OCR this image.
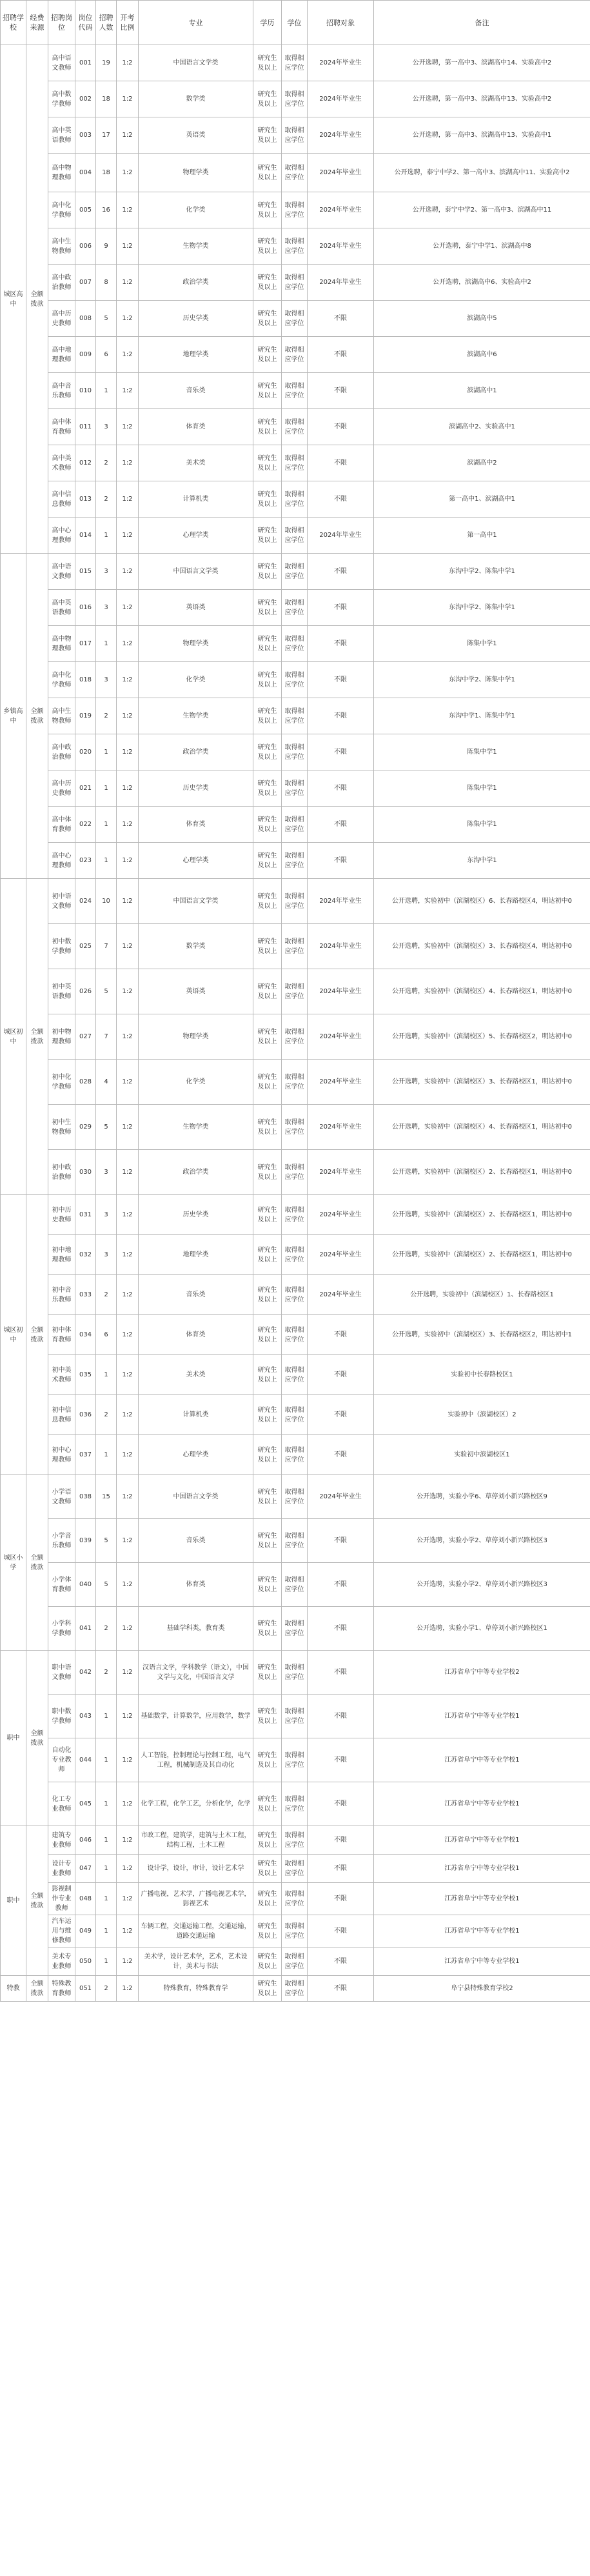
招聘学校	经费来源	招聘岗位	岗位代码	招聘人数	开考比例	专业	学历	学位	招聘对象	备注
城区高中	全额拨款	高中语文教师	001	19	1:2	中国语言文学类	研究生及以上	取得相应学位	2024年毕业生	公开选聘，第一高中3、滨湖高中14、实验高中2
		高中数学教师	002	18	1:2	数学类	研究生及以上	取得相应学位	2024年毕业生	公开选聘，第一高中3、滨湖高中13、实验高中2
		高中英语教师	003	17	1:2	英语类	研究生及以上	取得相应学位	2024年毕业生	公开选聘，第一高中3、滨湖高中13、实验高中1
		高中物理教师	004	18	1:2	物理学类	研究生及以上	取得相应学位	2024年毕业生	公开选聘，泰宁中学2、第一高中3、滨湖高中11、实验高中2
		高中化学教师	005	16	1:2	化学类	研究生及以上	取得相应学位	2024年毕业生	公开选聘，泰宁中学2、第一高中3、滨湖高中11
		高中生物教师	006	9	1:2	生物学类	研究生及以上	取得相应学位	2024年毕业生	公开选聘，泰宁中学1、滨湖高中8
		高中政治教师	007	8	1:2	政治学类	研究生及以上	取得相应学位	2024年毕业生	公开选聘，滨湖高中6、实验高中2
		高中历史教师	008	5	1:2	历史学类	研究生及以上	取得相应学位	不限	滨湖高中5
		高中地理教师	009	6	1:2	地理学类	研究生及以上	取得相应学位	不限	滨湖高中6
		高中音乐教师	010	1	1:2	音乐类	研究生及以上	取得相应学位	不限	滨湖高中1
		高中体育教师	011	3	1:2	体育类	研究生及以上	取得相应学位	不限	滨湖高中2、实验高中1
		高中美术教师	012	2	1:2	美术类	研究生及以上	取得相应学位	不限	滨湖高中2
		高中信息教师	013	2	1:2	计算机类	研究生及以上	取得相应学位	不限	第一高中1、滨湖高中1
		高中心理教师	014	1	1:2	心理学类	研究生及以上	取得相应学位	2024年毕业生	第一高中1
乡镇高中	全额拨款	高中语文教师	015	3	1:2	中国语言文学类	研究生及以上	取得相应学位	不限	东沟中学2、陈集中学1
		高中英语教师	016	3	1:2	英语类	研究生及以上	取得相应学位	不限	东沟中学2、陈集中学1
		高中物理教师	017	1	1:2	物理学类	研究生及以上	取得相应学位	不限	陈集中学1
		高中化学教师	018	3	1:2	化学类	研究生及以上	取得相应学位	不限	东沟中学2、陈集中学1
		高中生物教师	019	2	1:2	生物学类	研究生及以上	取得相应学位	不限	东沟中学1、陈集中学1
		高中政治教师	020	1	1:2	政治学类	研究生及以上	取得相应学位	不限	陈集中学1
		高中历史教师	021	1	1:2	历史学类	研究生及以上	取得相应学位	不限	陈集中学1
		高中体育教师	022	1	1:2	体育类	研究生及以上	取得相应学位	不限	陈集中学1
		高中心理教师	023	1	1:2	心理学类	研究生及以上	取得相应学位	不限	东沟中学1
城区初中	全额拨款	初中语文教师	024	10	1:2	中国语言文学类	研究生及以上	取得相应学位	2024年毕业生	公开选聘，实验初中（滨湖校区）6、长春路校区4，明达初中0
		初中数学教师	025	7	1:2	数学类	研究生及以上	取得相应学位	2024年毕业生	公开选聘，实验初中（滨湖校区）3、长春路校区4，明达初中0
		初中英语教师	026	5	1:2	英语类	研究生及以上	取得相应学位	2024年毕业生	公开选聘，实验初中（滨湖校区）4、长春路校区1，明达初中0
		初中物理教师	027	7	1:2	物理学类	研究生及以上	取得相应学位	2024年毕业生	公开选聘，实验初中（滨湖校区）5、长春路校区2，明达初中0
		初中化学教师	028	4	1:2	化学类	研究生及以上	取得相应学位	2024年毕业生	公开选聘，实验初中（滨湖校区）3、长春路校区1，明达初中0
		初中生物教师	029	5	1:2	生物学类	研究生及以上	取得相应学位	2024年毕业生	公开选聘，实验初中（滨湖校区）4、长春路校区1，明达初中0
		初中政治教师	030	3	1:2	政治学类	研究生及以上	取得相应学位	2024年毕业生	公开选聘，实验初中（滨湖校区）2、长春路校区1，明达初中0
城区初中	全额拨款	初中历史教师	031	3	1:2	历史学类	研究生及以上	取得相应学位	2024年毕业生	公开选聘，实验初中（滨湖校区）2、长春路校区1，明达初中0
		初中地理教师	032	3	1:2	地理学类	研究生及以上	取得相应学位	2024年毕业生	公开选聘，实验初中（滨湖校区）2、长春路校区1，明达初中0
		初中音乐教师	033	2	1:2	音乐类	研究生及以上	取得相应学位	2024年毕业生	公开选聘，实验初中（滨湖校区）1、长春路校区1
		初中体育教师	034	6	1:2	体育类	研究生及以上	取得相应学位	不限	公开选聘，实验初中（滨湖校区）3、长春路校区2，明达初中1
		初中美术教师	035	1	1:2	美术类	研究生及以上	取得相应学位	不限	实验初中长春路校区1
		初中信息教师	036	2	1:2	计算机类	研究生及以上	取得相应学位	不限	实验初中（滨湖校区）2
		初中心理教师	037	1	1:2	心理学类	研究生及以上	取得相应学位	不限	实验初中滨湖校区1
城区小学	全额拨款	小学语文教师	038	15	1:2	中国语言文学类	研究生及以上	取得相应学位	2024年毕业生	公开选聘，实验小学6、草停刘小新兴路校区9
		小学音乐教师	039	5	1:2	音乐类	研究生及以上	取得相应学位	不限	公开选聘，实验小学2、草停刘小新兴路校区3
		小学体育教师	040	5	1:2	体育类	研究生及以上	取得相应学位	不限	公开选聘，实验小学2、草停刘小新兴路校区3
		小学科学教师	041	2	1:2	基础学科类，教育类	研究生及以上	取得相应学位	不限	公开选聘，实验小学1、草停刘小新兴路校区1
职中	全额拨款	职中语文教师	042	2	1:2	汉语言文学，学科教学（语文），中国文学与文化，中国语言文学	研究生及以上	取得相应学位	不限	江苏省阜宁中等专业学校2
		职中数学教师	043	1	1:2	基础数学，计算数学，应用数学，数学	研究生及以上	取得相应学位	不限	江苏省阜宁中等专业学校1
		自动化专业教师	044	1	1:2	人工智能，控制理论与控制工程，电气工程，机械制造及其自动化	研究生及以上	取得相应学位	不限	江苏省阜宁中等专业学校1
		化工专业教师	045	1	1:2	化学工程，化学工艺，分析化学，化学	研究生及以上	取得相应学位	不限	江苏省阜宁中等专业学校1
职中	全额拨款	建筑专业教师	046	1	1:2	市政工程，建筑学，建筑与土木工程，结构工程，土木工程	研究生及以上	取得相应学位	不限	江苏省阜宁中等专业学校1
		设计专业教师	047	1	1:2	设计学，设计，审计，设计艺术学	研究生及以上	取得相应学位	不限	江苏省阜宁中等专业学校1
		影视制作专业教师	048	1	1:2	广播电视，艺术学，广播电视艺术学，影视艺术	研究生及以上	取得相应学位	不限	江苏省阜宁中等专业学校1
		汽车运用与维修教师	049	1	1:2	车辆工程，交通运输工程，交通运输，道路交通运输	研究生及以上	取得相应学位	不限	江苏省阜宁中等专业学校1
		美术专业教师	050	1	1:2	美术学，设计艺术学，艺术，艺术设计，美术与书法	研究生及以上	取得相应学位	不限	江苏省阜宁中等专业学校1
特教	全额拨款	特殊教育教师	051	2	1:2	特殊教育，特殊教育学	研究生及以上	取得相应学位	不限	阜宁县特殊教育学校2
